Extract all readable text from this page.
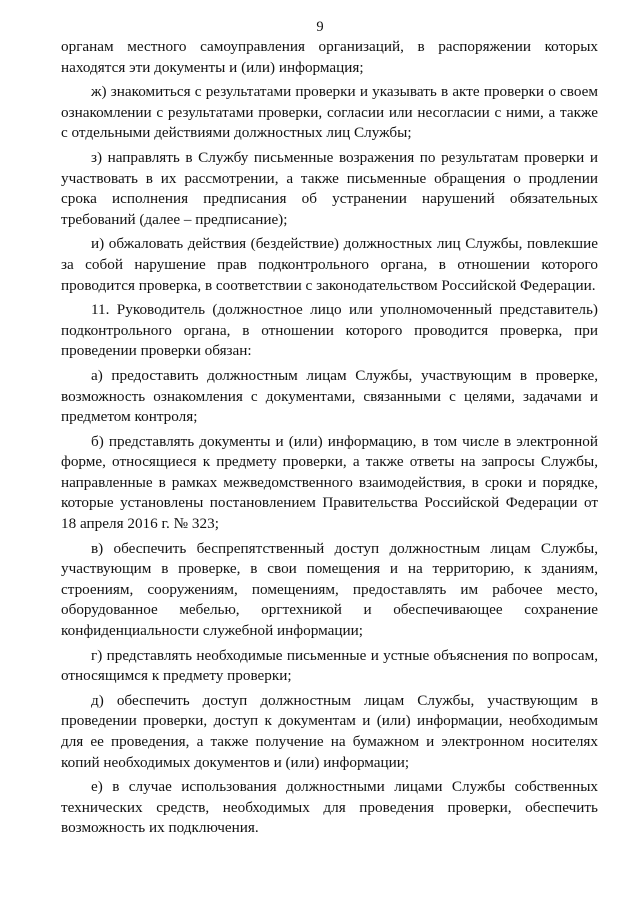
9

органам местного самоуправления организаций, в распоряжении которых находятся эти документы и (или) информация;

ж) знакомиться с результатами проверки и указывать в акте проверки о своем ознакомлении с результатами проверки, согласии или несогласии с ними, а также с отдельными действиями должностных лиц Службы;

з) направлять в Службу письменные возражения по результатам проверки и участвовать в их рассмотрении, а также письменные обращения о продлении срока исполнения предписания об устранении нарушений обязательных требований (далее – предписание);

и) обжаловать действия (бездействие) должностных лиц Службы, повлекшие за собой нарушение прав подконтрольного органа, в отношении которого проводится проверка, в соответствии с законодательством Российской Федерации.

11. Руководитель (должностное лицо или уполномоченный представитель) подконтрольного органа, в отношении которого проводится проверка, при проведении проверки обязан:

а) предоставить должностным лицам Службы, участвующим в проверке, возможность ознакомления с документами, связанными с целями, задачами и предметом контроля;

б) представлять документы и (или) информацию, в том числе в электронной форме, относящиеся к предмету проверки, а также ответы на запросы Службы, направленные в рамках межведомственного взаимодействия, в сроки и порядке, которые установлены постановлением Правительства Российской Федерации от 18 апреля 2016 г. № 323;

в) обеспечить беспрепятственный доступ должностным лицам Службы, участвующим в проверке, в свои помещения и на территорию, к зданиям, строениям, сооружениям, помещениям, предоставлять им рабочее место, оборудованное мебелью, оргтехникой и обеспечивающее сохранение конфиденциальности служебной информации;

г) представлять необходимые письменные и устные объяснения по вопросам, относящимся к предмету проверки;

д) обеспечить доступ должностным лицам Службы, участвующим в проведении проверки, доступ к документам и (или) информации, необходимым для ее проведения, а также получение на бумажном и электронном носителях копий необходимых документов и (или) информации;

е) в случае использования должностными лицами Службы собственных технических средств, необходимых для проведения проверки, обеспечить возможность их подключения.
